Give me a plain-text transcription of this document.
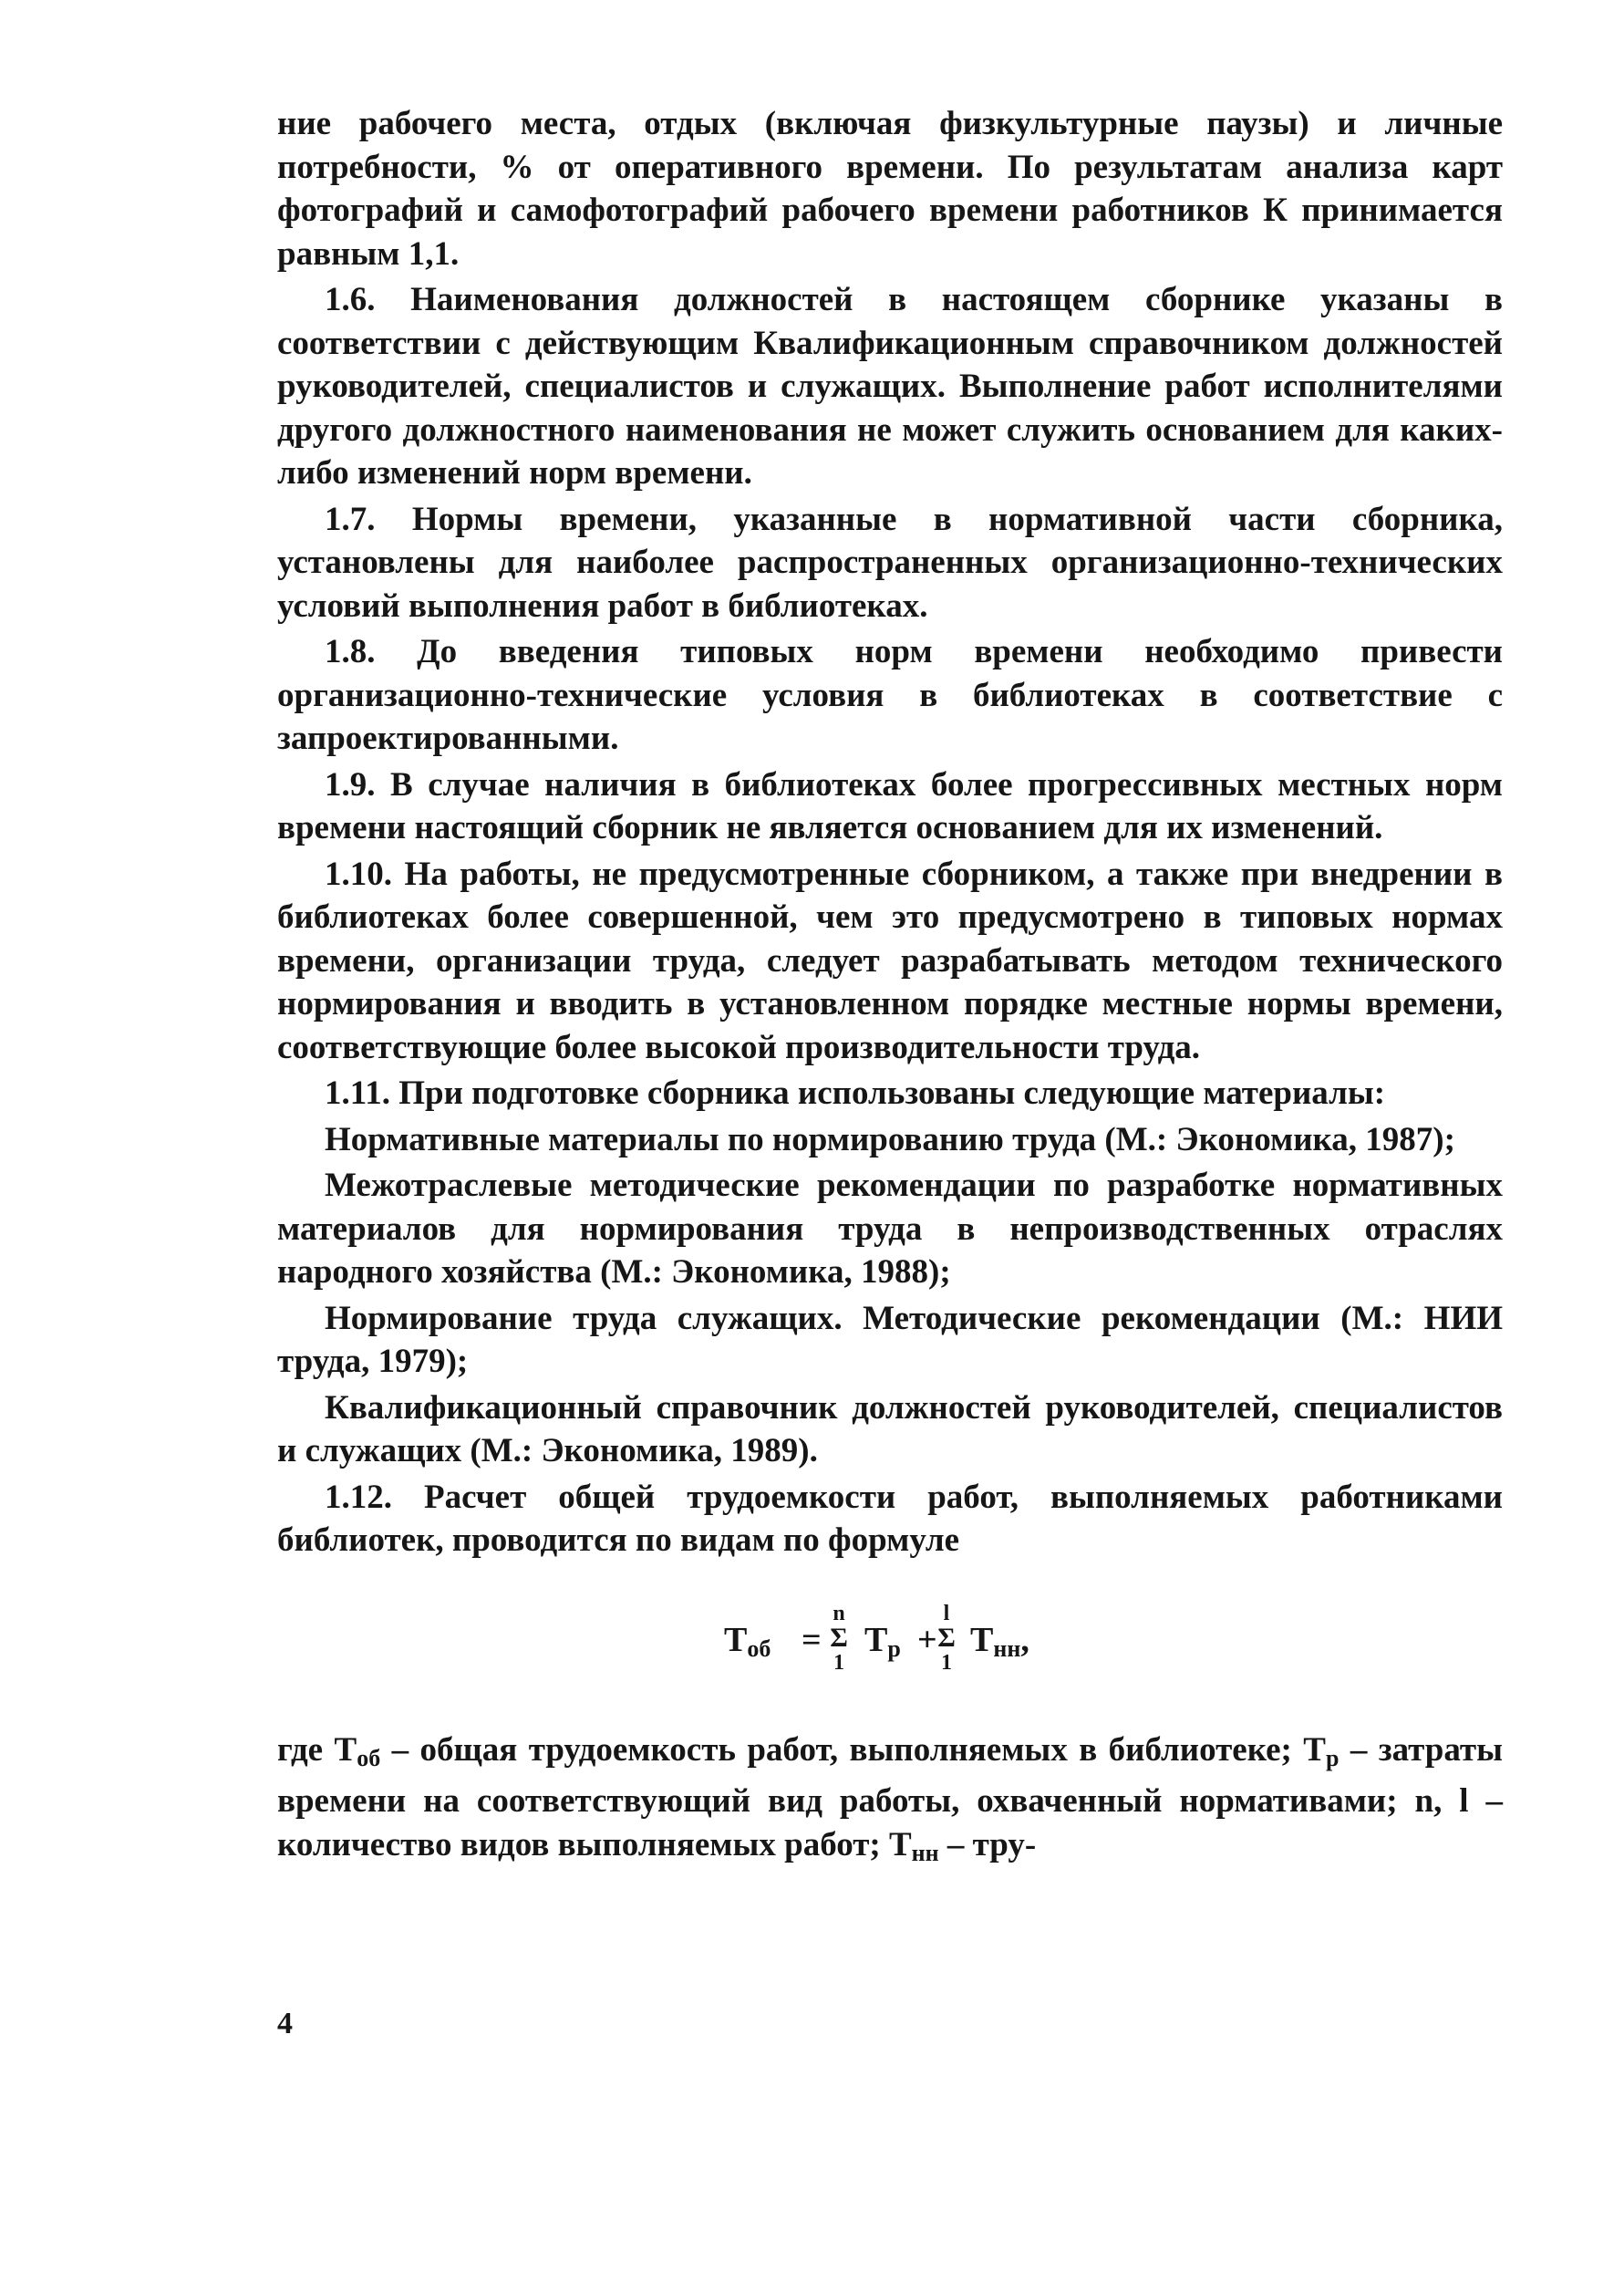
ние рабочего места, отдых (включая физкультурные паузы) и личные потребности, % от оперативного времени. По результатам анализа карт фотографий и самофотографий рабочего времени работников К принимается равным 1,1.

1.6. Наименования должностей в настоящем сборнике указаны в соответствии с действующим Квалификационным справочником должностей руководителей, специалистов и служащих. Выполнение работ исполнителями другого должностного наименования не может служить основанием для каких-либо изменений норм времени.

1.7. Нормы времени, указанные в нормативной части сборника, установлены для наиболее распространенных организационно-технических условий выполнения работ в библиотеках.

1.8. До введения типовых норм времени необходимо привести организационно-технические условия в библиотеках в соответствие с запроектированными.

1.9. В случае наличия в библиотеках более прогрессивных местных норм времени настоящий сборник не является основанием для их изменений.

1.10. На работы, не предусмотренные сборником, а также при внедрении в библиотеках более совершенной, чем это предусмотрено в типовых нормах времени, организации труда, следует разрабатывать методом технического нормирования и вводить в установленном порядке местные нормы времени, соответствующие более высокой производительности труда.

1.11. При подготовке сборника использованы следующие материалы:

Нормативные материалы по нормированию труда (М.: Экономика, 1987);

Межотраслевые методические рекомендации по разработке нормативных материалов для нормирования труда в непроизводственных отраслях народного хозяйства (М.: Экономика, 1988);

Нормирование труда служащих. Методические рекомендации (М.: НИИ труда, 1979);

Квалификационный справочник должностей руководителей, специалистов и служащих (М.: Экономика, 1989).

1.12. Расчет общей трудоемкости работ, выполняемых работниками библиотек, проводится по видам по формуле

$Т_{об}$ =
n
Σ
1
$Т_р$ +
l
Σ
1
$Т_{нн}$,

где $Т_{об}$ – общая трудоемкость работ, выполняемых в библиотеке; $Т_р$ – затраты времени на соответствующий вид работы, охваченный нормативами; n, l – количество видов выполняемых работ; $Т_{нн} - тру-$

4
